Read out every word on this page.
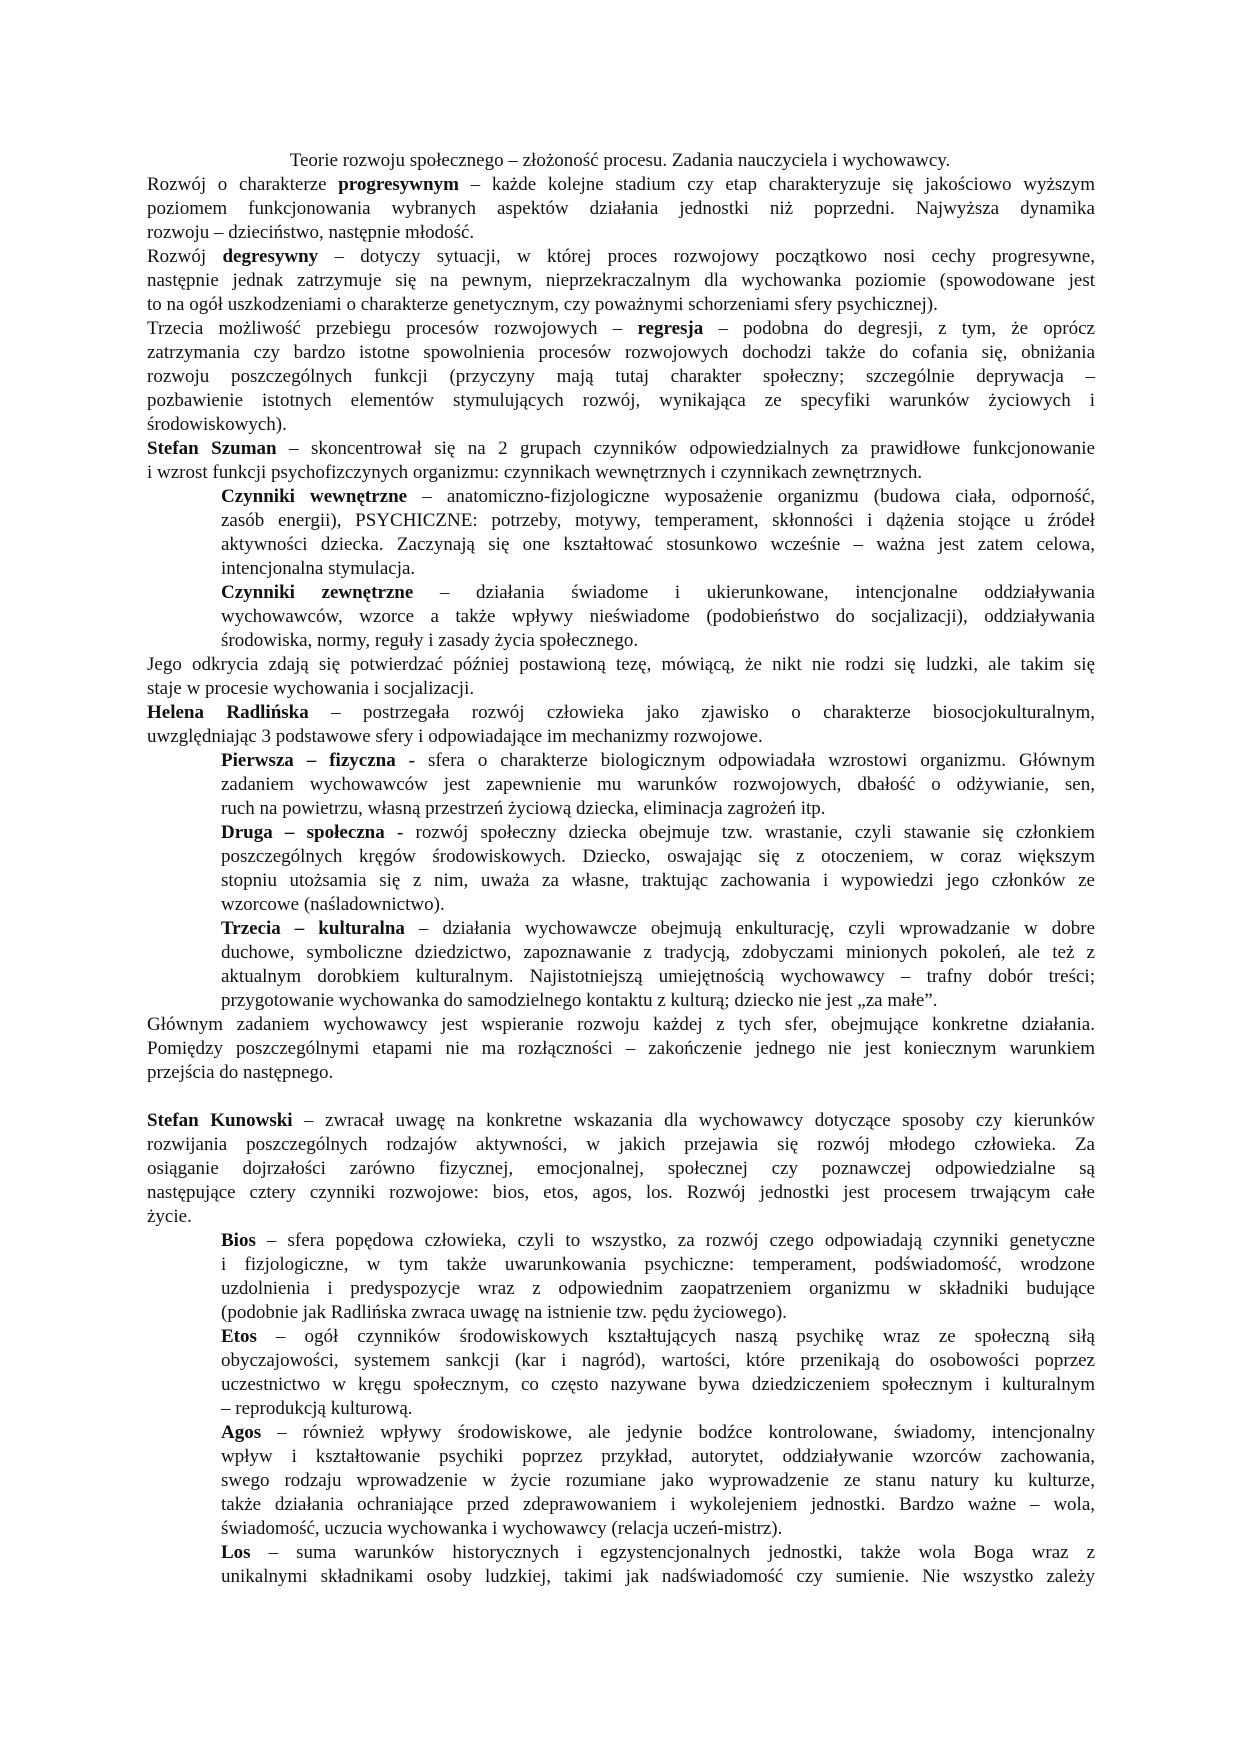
Teorie rozwoju społecznego – złożoność procesu. Zadania nauczyciela i wychowawcy.
Rozwój o charakterze progresywnym – każde kolejne stadium czy etap charakteryzuje się jakościowo wyższym
poziomem funkcjonowania wybranych aspektów działania jednostki niż poprzedni. Najwyższa dynamika
rozwoju – dzieciństwo, następnie młodość.
Rozwój degresywny – dotyczy sytuacji, w której proces rozwojowy początkowo nosi cechy progresywne,
następnie jednak zatrzymuje się na pewnym, nieprzekraczalnym dla wychowanka poziomie (spowodowane jest
to na ogół uszkodzeniami o charakterze genetycznym, czy poważnymi schorzeniami sfery psychicznej).
Trzecia możliwość przebiegu procesów rozwojowych – regresja – podobna do degresji, z tym, że oprócz
zatrzymania czy bardzo istotne spowolnienia procesów rozwojowych dochodzi także do cofania się, obniżania
rozwoju poszczególnych funkcji (przyczyny mają tutaj charakter społeczny; szczególnie deprywacja –
pozbawienie istotnych elementów stymulujących rozwój, wynikająca ze specyfiki warunków życiowych i
środowiskowych).
Stefan Szuman – skoncentrował się na 2 grupach czynników odpowiedzialnych za prawidłowe funkcjonowanie
i wzrost funkcji psychofizczynych organizmu: czynnikach wewnętrznych i czynnikach zewnętrznych.
Czynniki wewnętrzne – anatomiczno-fizjologiczne wyposażenie organizmu (budowa ciała, odporność,
zasób energii), PSYCHICZNE: potrzeby, motywy, temperament, skłonności i dążenia stojące u źródeł
aktywności dziecka. Zaczynają się one kształtować stosunkowo wcześnie – ważna jest zatem celowa,
intencjonalna stymulacja.
Czynniki zewnętrzne – działania świadome i ukierunkowane, intencjonalne oddziaływania
wychowawców, wzorce a także wpływy nieświadome (podobieństwo do socjalizacji), oddziaływania
środowiska, normy, reguły i zasady życia społecznego.
Jego odkrycia zdają się potwierdzać później postawioną tezę, mówiącą, że nikt nie rodzi się ludzki, ale takim się
staje w procesie wychowania i socjalizacji.
Helena Radlińska – postrzegała rozwój człowieka jako zjawisko o charakterze biosocjokulturalnym,
uwzględniając 3 podstawowe sfery i odpowiadające im mechanizmy rozwojowe.
Pierwsza – fizyczna - sfera o charakterze biologicznym odpowiadała wzrostowi organizmu. Głównym
zadaniem wychowawców jest zapewnienie mu warunków rozwojowych, dbałość o odżywianie, sen,
ruch na powietrzu, własną przestrzeń życiową dziecka, eliminacja zagrożeń itp.
Druga – społeczna - rozwój społeczny dziecka obejmuje tzw. wrastanie, czyli stawanie się członkiem
poszczególnych kręgów środowiskowych. Dziecko, oswajając się z otoczeniem, w coraz większym
stopniu utożsamia się z nim, uważa za własne, traktując zachowania i wypowiedzi jego członków ze
wzorcowe (naśladownictwo).
Trzecia – kulturalna – działania wychowawcze obejmują enkulturację, czyli wprowadzanie w dobre
duchowe, symboliczne dziedzictwo, zapoznawanie z tradycją, zdobyczami minionych pokoleń, ale też z
aktualnym dorobkiem kulturalnym. Najistotniejszą umiejętnością wychowawcy – trafny dobór treści;
przygotowanie wychowanka do samodzielnego kontaktu z kulturą; dziecko nie jest „za małe”.
Głównym zadaniem wychowawcy jest wspieranie rozwoju każdej z tych sfer, obejmujące konkretne działania.
Pomiędzy poszczególnymi etapami nie ma rozłączności – zakończenie jednego nie jest koniecznym warunkiem
przejścia do następnego.
Stefan Kunowski – zwracał uwagę na konkretne wskazania dla wychowawcy dotyczące sposoby czy kierunków
rozwijania poszczególnych rodzajów aktywności, w jakich przejawia się rozwój młodego człowieka. Za
osiąganie dojrzałości zarówno fizycznej, emocjonalnej, społecznej czy poznawczej odpowiedzialne są
następujące cztery czynniki rozwojowe: bios, etos, agos, los. Rozwój jednostki jest procesem trwającym całe
życie.
Bios – sfera popędowa człowieka, czyli to wszystko, za rozwój czego odpowiadają czynniki genetyczne
i fizjologiczne, w tym także uwarunkowania psychiczne: temperament, podświadomość, wrodzone
uzdolnienia i predyspozycje wraz z odpowiednim zaopatrzeniem organizmu w składniki budujące
(podobnie jak Radlińska zwraca uwagę na istnienie tzw. pędu życiowego).
Etos – ogół czynników środowiskowych kształtujących naszą psychikę wraz ze społeczną siłą
obyczajowości, systemem sankcji (kar i nagród), wartości, które przenikają do osobowości poprzez
uczestnictwo w kręgu społecznym, co często nazywane bywa dziedziczeniem społecznym i kulturalnym
– reprodukcją kulturową.
Agos – również wpływy środowiskowe, ale jedynie bodźce kontrolowane, świadomy, intencjonalny
wpływ i kształtowanie psychiki poprzez przykład, autorytet, oddziaływanie wzorców zachowania,
swego rodzaju wprowadzenie w życie rozumiane jako wyprowadzenie ze stanu natury ku kulturze,
także działania ochraniające przed zdeprawowaniem i wykolejeniem jednostki. Bardzo ważne – wola,
świadomość, uczucia wychowanka i wychowawcy (relacja uczeń-mistrz).
Los – suma warunków historycznych i egzystencjonalnych jednostki, także wola Boga wraz z
unikalnymi składnikami osoby ludzkiej, takimi jak nadświadomość czy sumienie. Nie wszystko zależy
